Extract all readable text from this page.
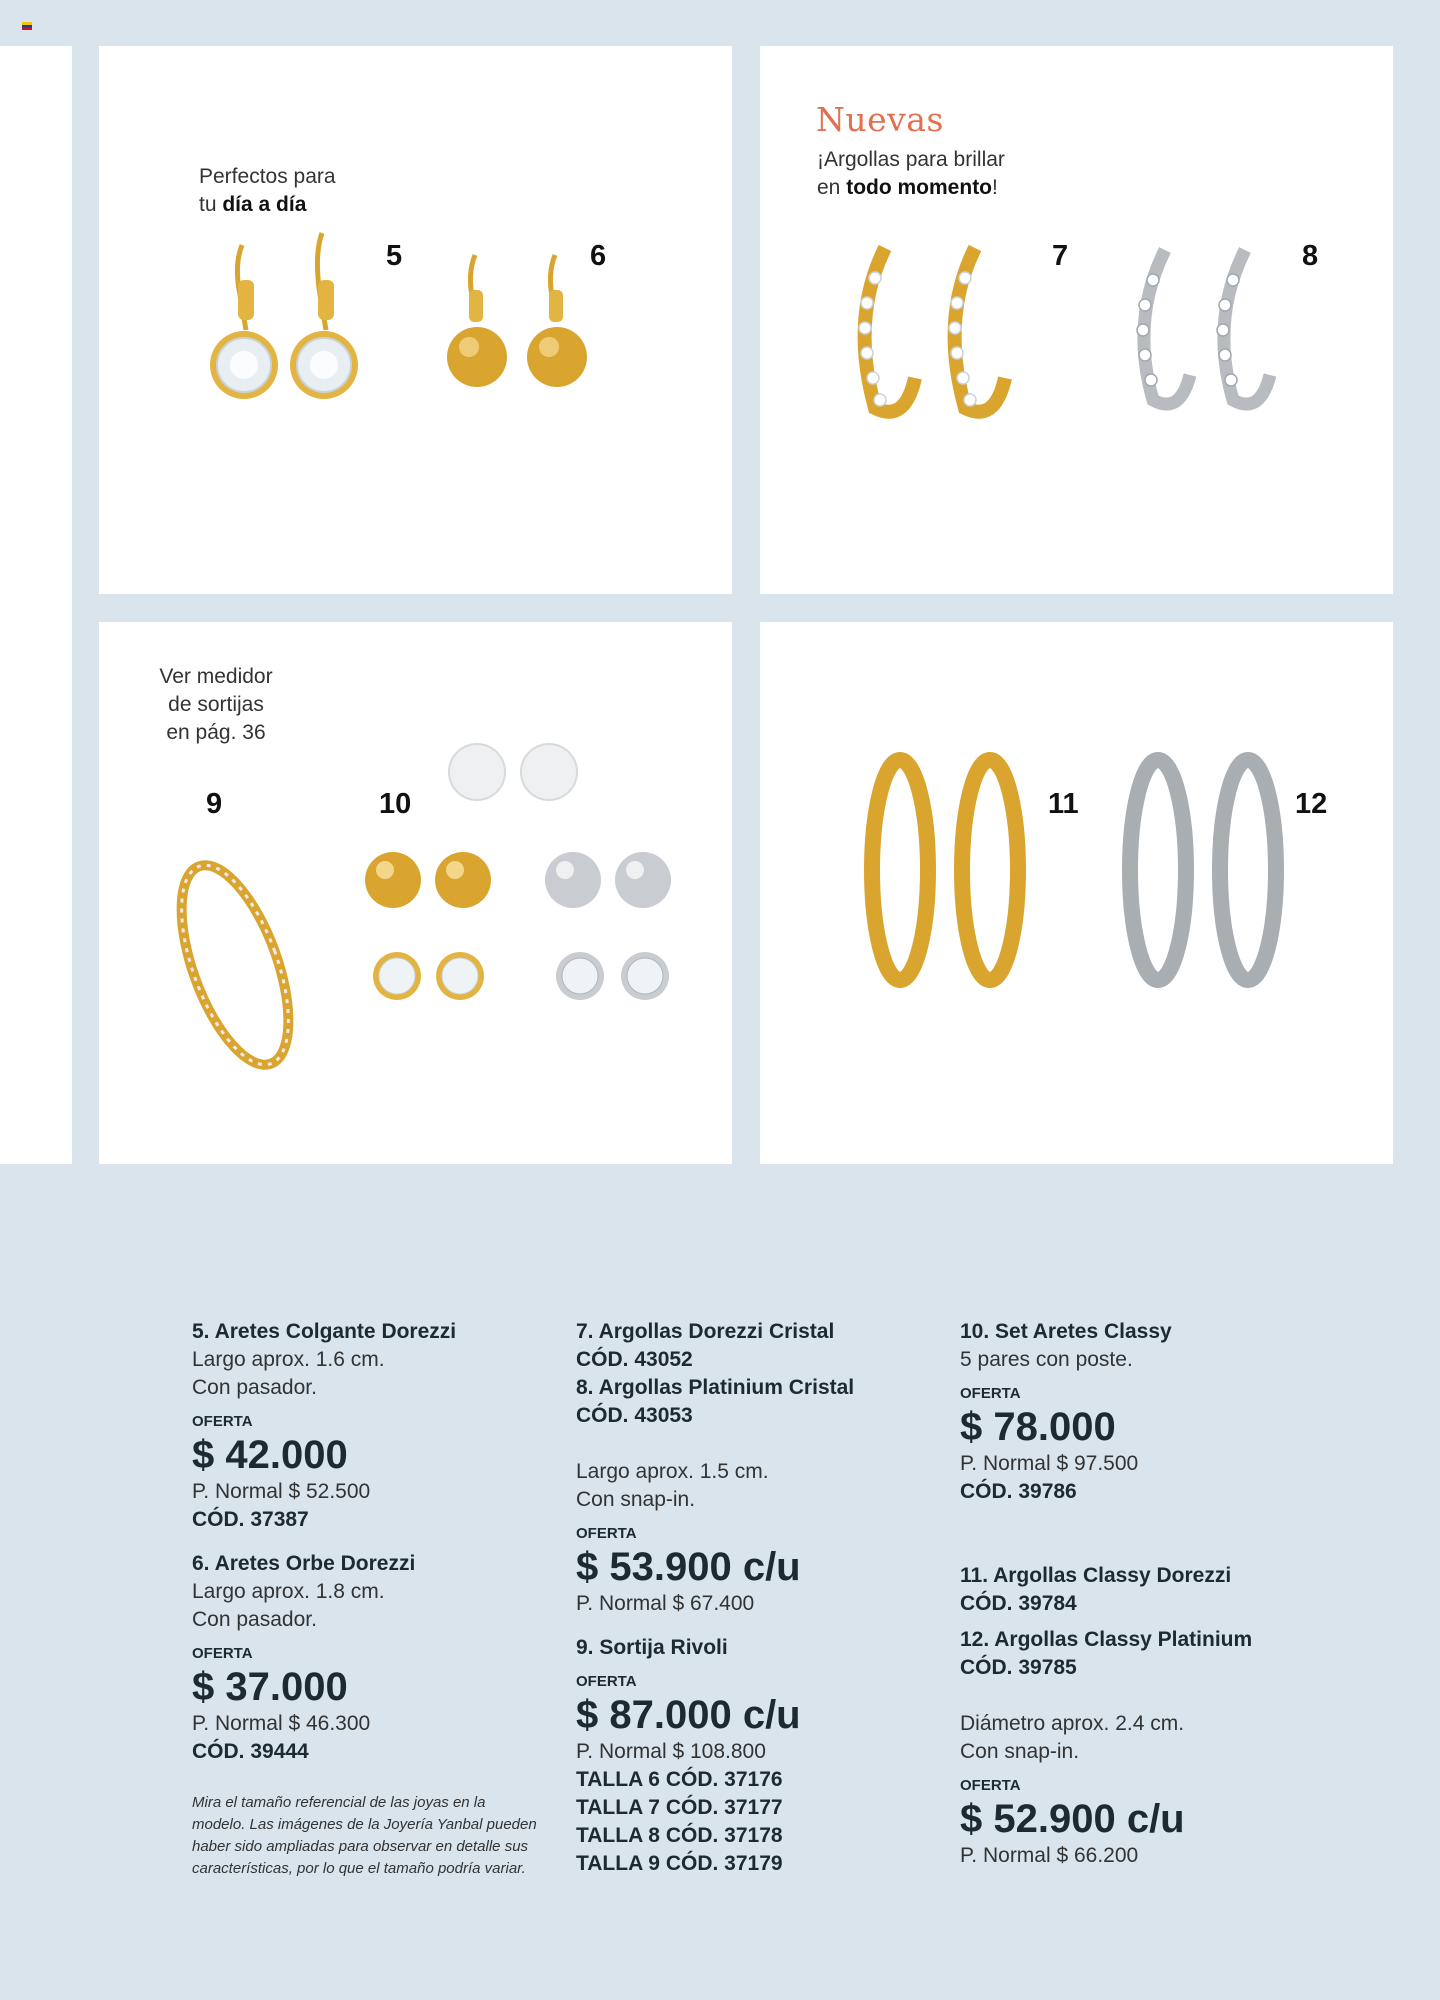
Perfectos para
tu día a día
5	6
Nuevas
¡Argollas para brillar
en todo momento!
7	8
Ver medidor
de sortijas
en pág. 36
9	10	11	12
5. Aretes Colgante Dorezzi
Largo aprox. 1.6 cm.
Con pasador.
OFERTA
$ 42.000
P. Normal $ 52.500
CÓD. 37387
6. Aretes Orbe Dorezzi
Largo aprox. 1.8 cm.
Con pasador.
OFERTA
$ 37.000
P. Normal $ 46.300
CÓD. 39444
Mira el tamaño referencial de las joyas en la modelo. Las imágenes de la Joyería Yanbal pueden haber sido ampliadas para observar en detalle sus características, por lo que el tamaño podría variar.
7. Argollas Dorezzi Cristal
CÓD. 43052
8. Argollas Platinium Cristal
CÓD. 43053
Largo aprox. 1.5 cm.
Con snap-in.
OFERTA
$ 53.900 c/u
P. Normal $ 67.400
9. Sortija Rivoli
OFERTA
$ 87.000 c/u
P. Normal $ 108.800
TALLA 6 CÓD. 37176
TALLA 7 CÓD. 37177
TALLA 8 CÓD. 37178
TALLA 9 CÓD. 37179
10. Set Aretes Classy
5 pares con poste.
OFERTA
$ 78.000
P. Normal $ 97.500
CÓD. 39786
11. Argollas Classy Dorezzi
CÓD. 39784
12. Argollas Classy Platinium
CÓD. 39785
Diámetro aprox. 2.4 cm.
Con snap-in.
OFERTA
$ 52.900 c/u
P. Normal $ 66.200
